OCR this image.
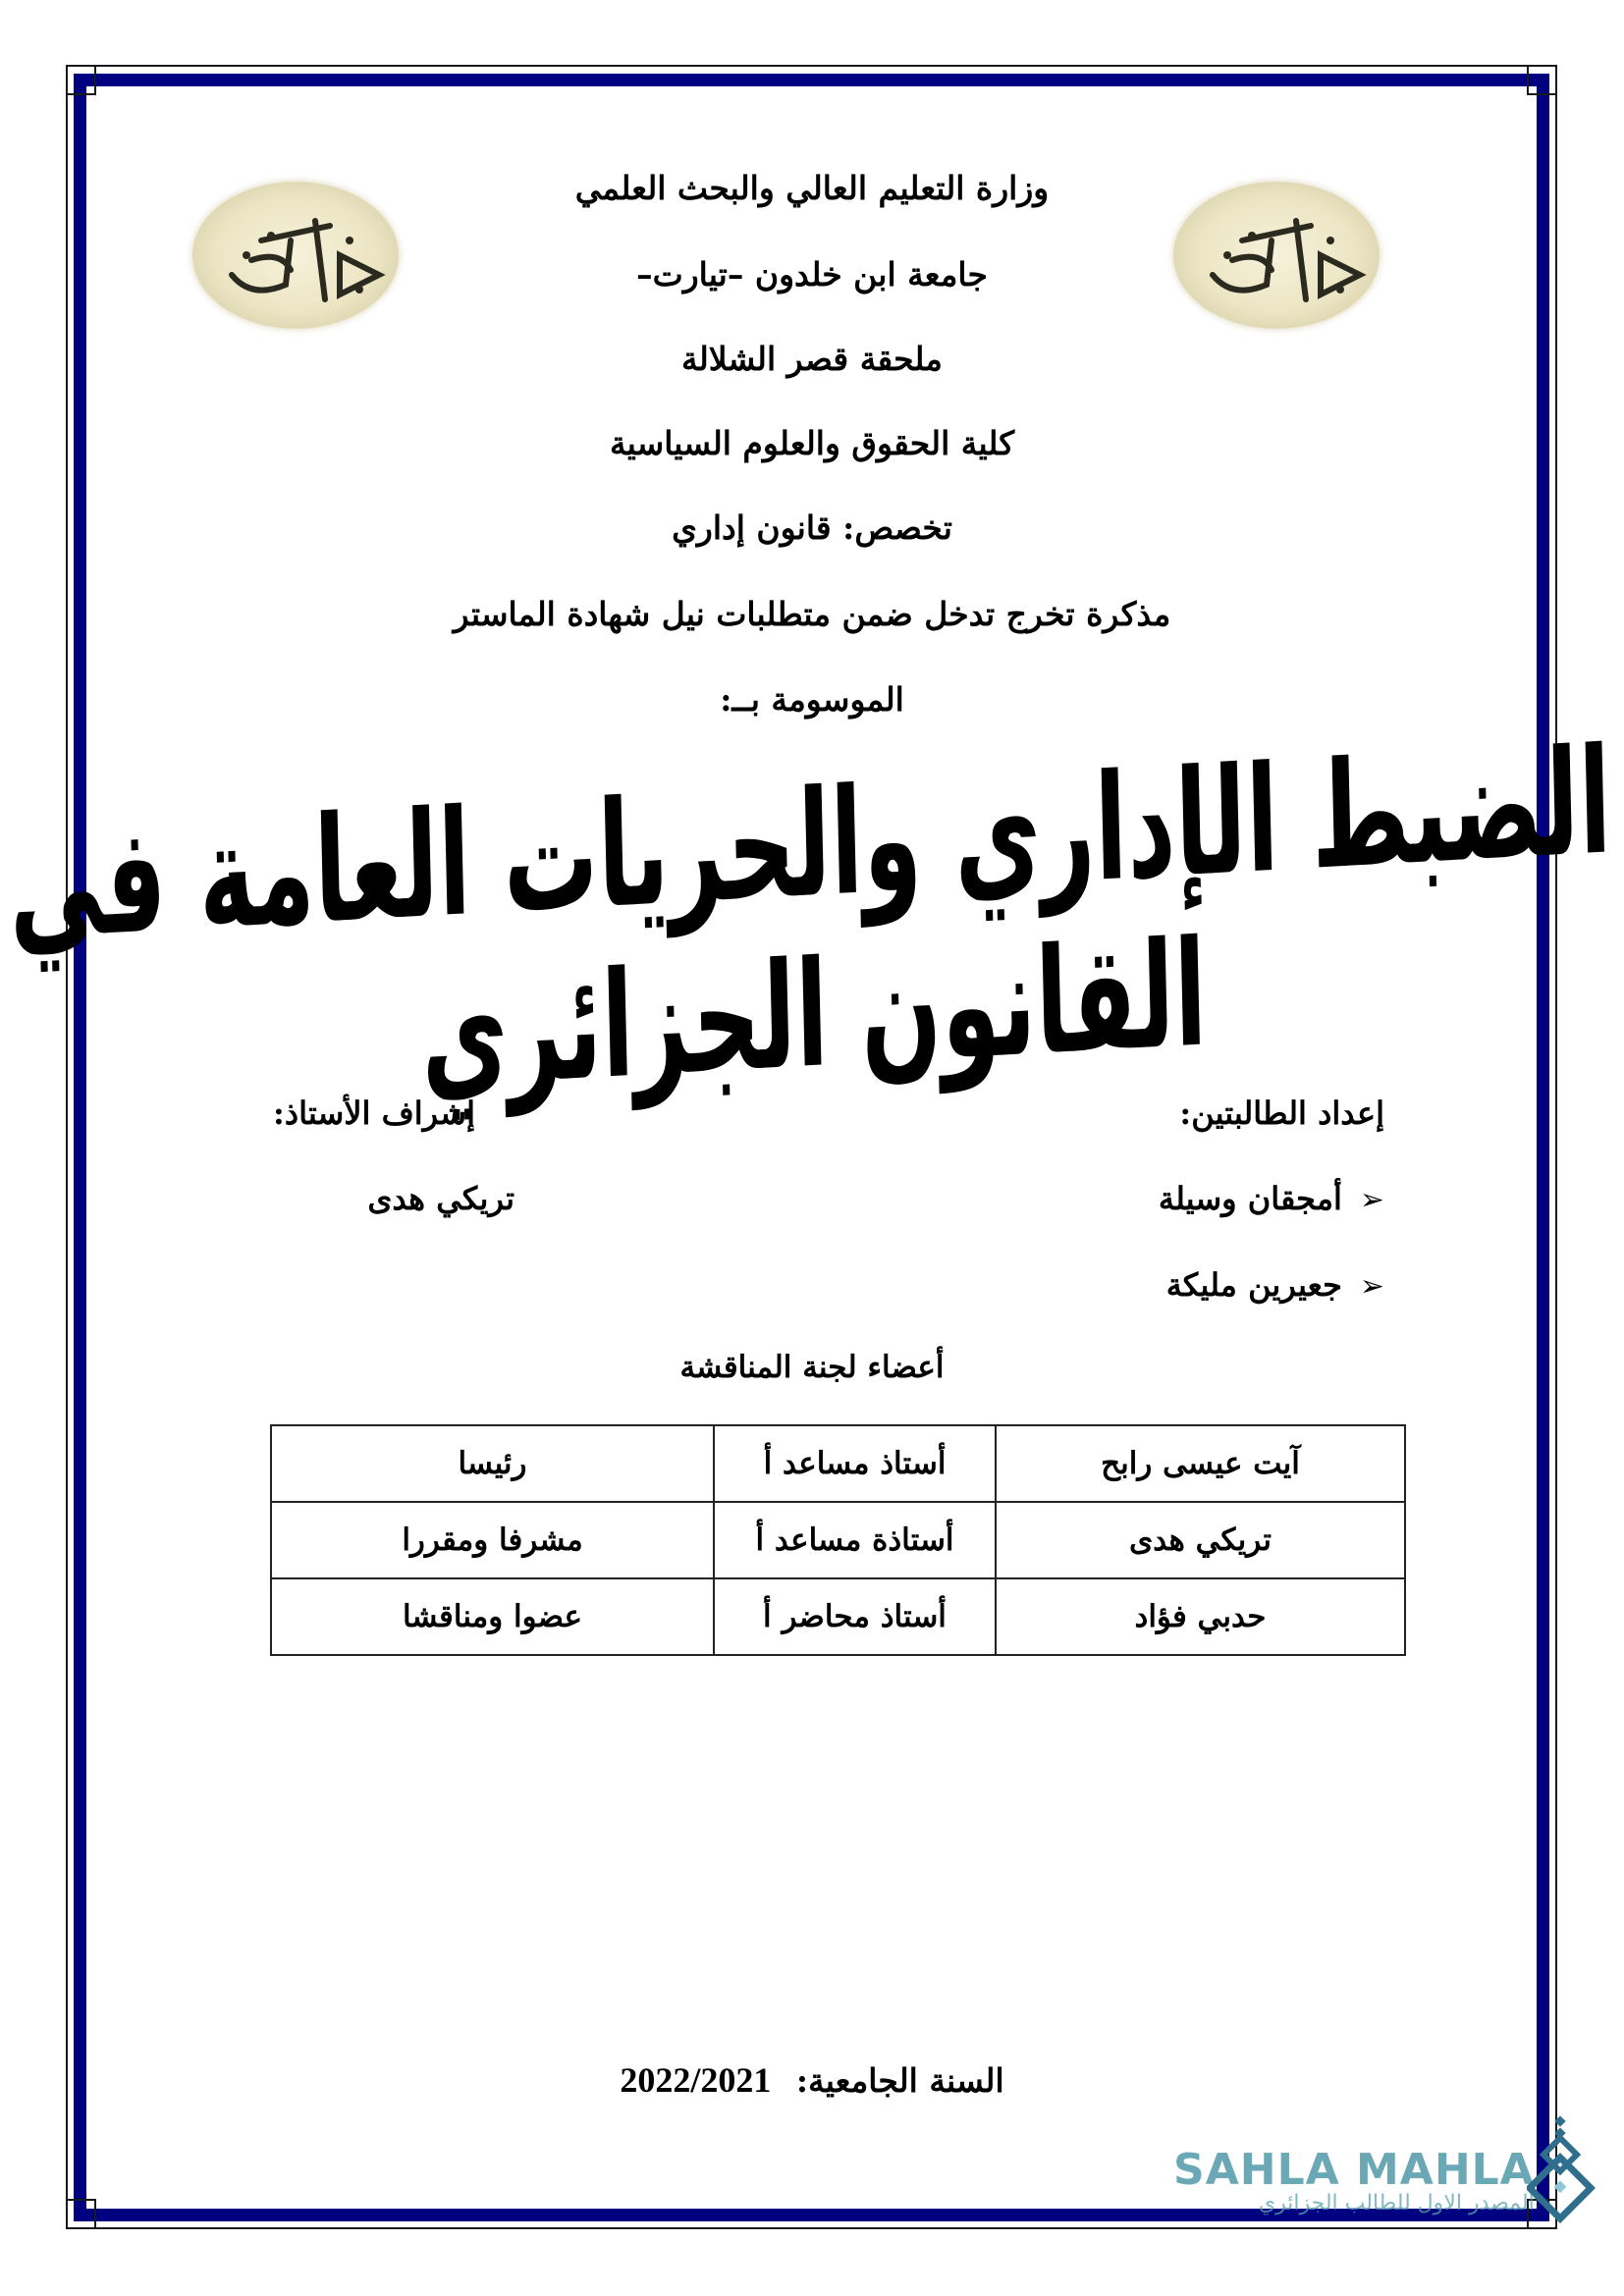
وزارة التعليم العالي والبحث العلمي
جامعة ابن خلدون –تيارت–
ملحقة قصر الشلالة
كلية الحقوق والعلوم السياسية
تخصص: قانون إداري
مذكرة تخرج تدخل ضمن متطلبات نيل شهادة الماستر
الموسومة بــ:
الضبط الإداري والحريات العامة في القانون الجزائري
إعداد الطالبتين:
إشراف الأستاذ:
➢أمجقان وسيلة
تريكي هدى
➢جعيرين مليكة
أعضاء لجنة المناقشة
آيت عيسى رابح	أستاذ مساعد أ	رئيسا
تريكي هدى	أستاذة مساعد أ	مشرفا ومقررا
حدبي فؤاد	أستاذ محاضر أ	عضوا ومناقشا
السنة الجامعية: 2022/2021
SAHLA MAHLA
المصدر الاول للطالب الجزائري
